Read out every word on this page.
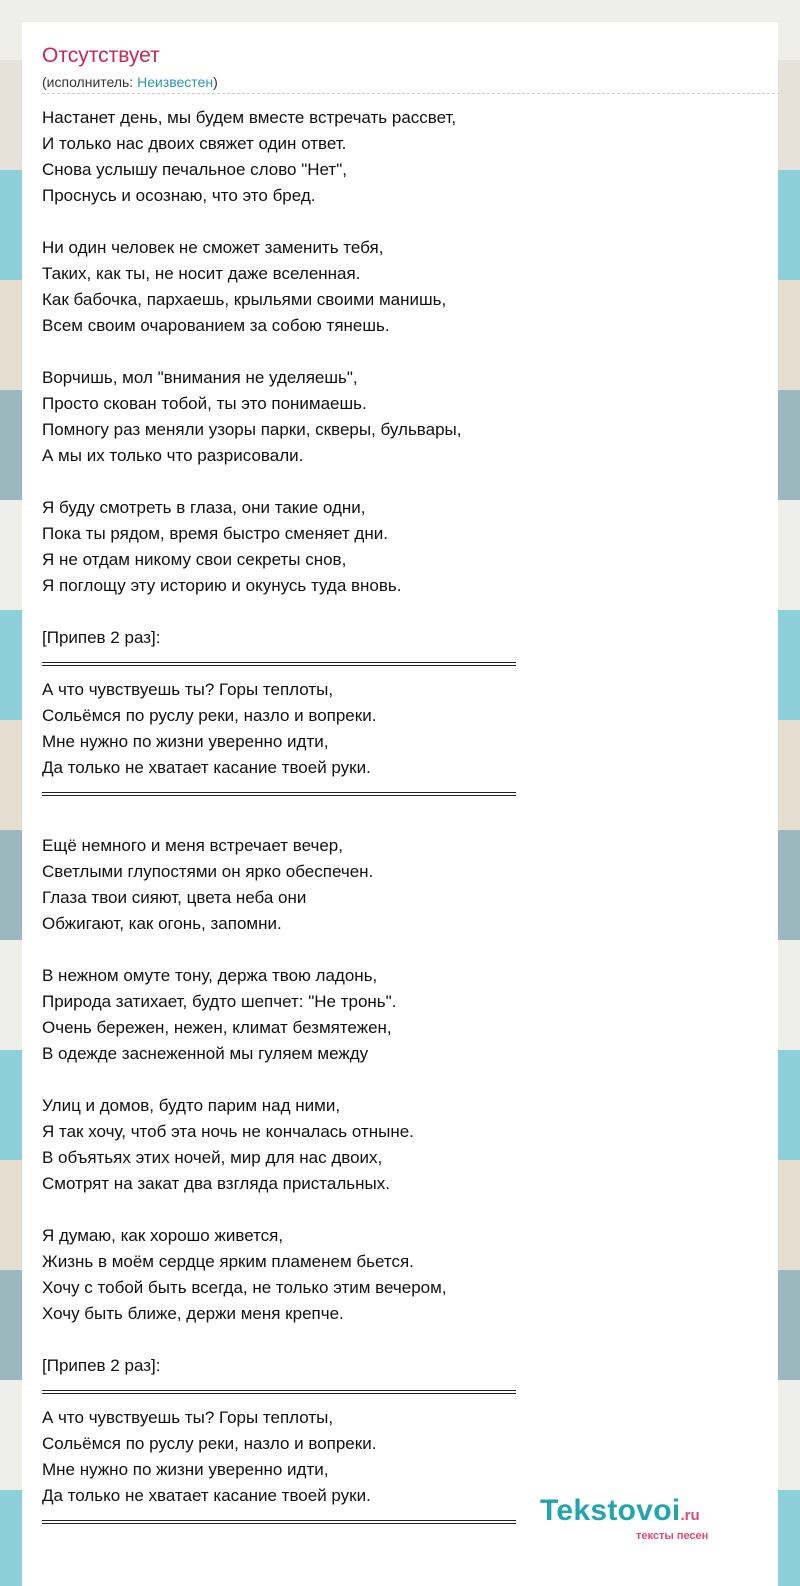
Отсутствует
(исполнитель: Неизвестен)
Настанет день, мы будем вместе встречать рассвет,
И только нас двоих свяжет один ответ.
Снова услышу печальное слово "Нет",
Проснусь и осознаю, что это бред.
Ни один человек не сможет заменить тебя,
Таких, как ты, не носит даже вселенная.
Как бабочка, пархаешь, крыльями своими манишь,
Всем своим очарованием за собою тянешь.
Ворчишь, мол "внимания не уделяешь",
Просто скован тобой, ты это понимаешь.
Помногу раз меняли узоры парки, скверы, бульвары,
А мы их только что разрисовали.
Я буду смотреть в глаза, они такие одни,
Пока ты рядом, время быстро сменяет дни.
Я не отдам никому свои секреты снов,
Я поглощу эту историю и окунусь туда вновь.
[Припев 2 раз]:
А что чувствуешь ты? Горы теплоты,
Сольёмся по руслу реки, назло и вопреки.
Мне нужно по жизни уверенно идти,
Да только не хватает касание твоей руки.
Ещё немного и меня встречает вечер,
Светлыми глупостями он ярко обеспечен.
Глаза твои сияют, цвета неба они
Обжигают, как огонь, запомни.
В нежном омуте тону, держа твою ладонь,
Природа затихает, будто шепчет: "Не тронь".
Очень бережен, нежен, климат безмятежен,
В одежде заснеженной мы гуляем между
Улиц и домов, будто парим над ними,
Я так хочу, чтоб эта ночь не кончалась отныне.
В объятьях этих ночей, мир для нас двоих,
Смотрят на закат два взгляда пристальных.
Я думаю, как хорошо живется,
Жизнь в моём сердце ярким пламенем бьется.
Хочу с тобой быть всегда, не только этим вечером,
Хочу быть ближе, держи меня крепче.
[Припев 2 раз]:
А что чувствуешь ты? Горы теплоты,
Сольёмся по руслу реки, назло и вопреки.
Мне нужно по жизни уверенно идти,
Да только не хватает касание твоей руки.	Tekstovoi.ru
тексты песен
